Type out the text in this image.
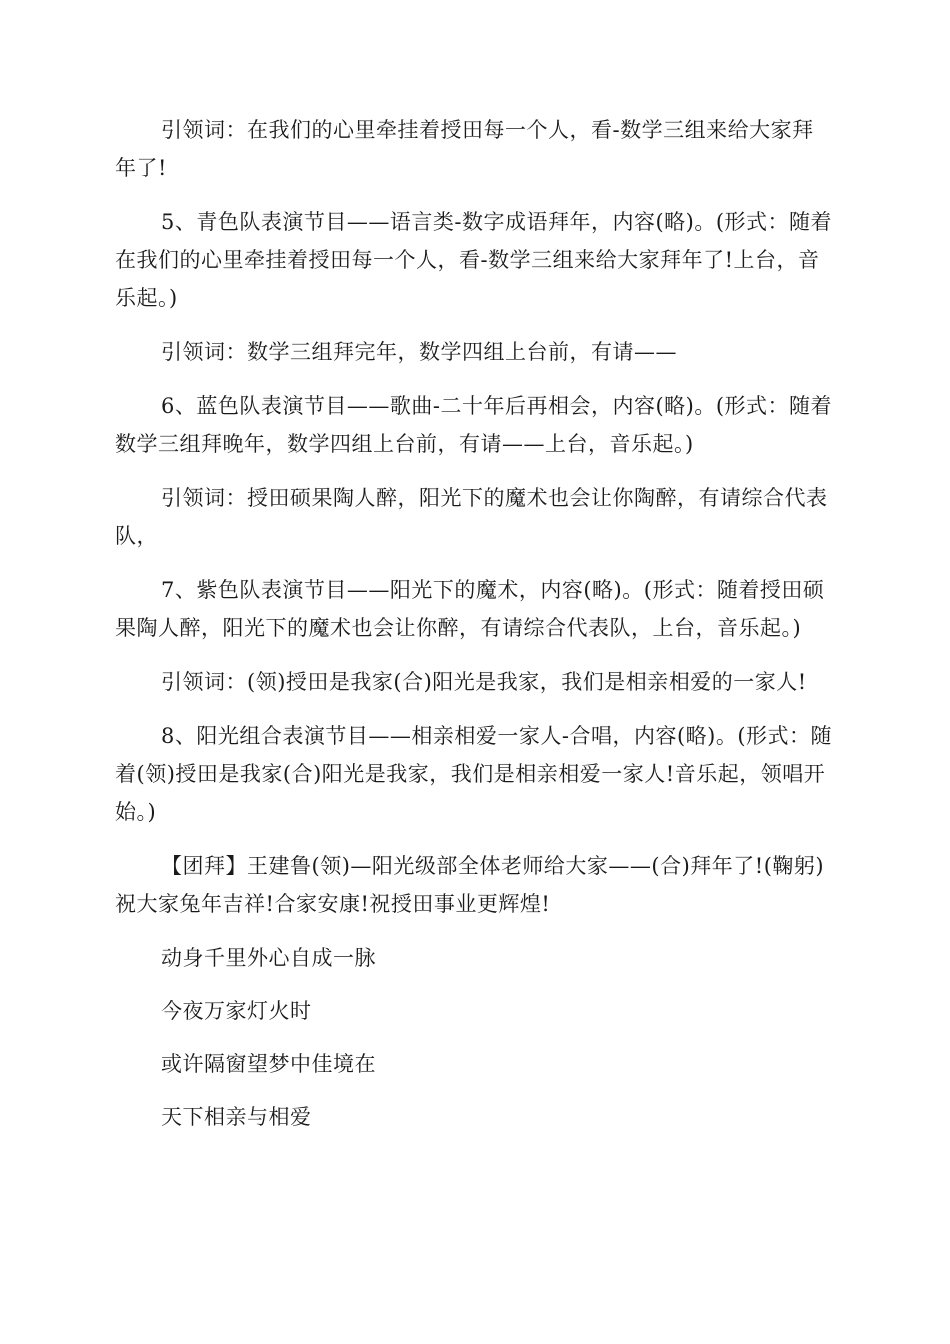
引领词：在我们的心里牵挂着授田每一个人，看-数学三组来给大家拜年了!

5、青色队表演节目——语言类-数字成语拜年，内容(略)。(形式：随着在我们的心里牵挂着授田每一个人，看-数学三组来给大家拜年了!上台，音乐起。)

引领词：数学三组拜完年，数学四组上台前，有请——

6、蓝色队表演节目——歌曲-二十年后再相会，内容(略)。(形式：随着数学三组拜晚年，数学四组上台前，有请——上台，音乐起。)

引领词：授田硕果陶人醉，阳光下的魔术也会让你陶醉，有请综合代表队，

7、紫色队表演节目——阳光下的魔术，内容(略)。(形式：随着授田硕果陶人醉，阳光下的魔术也会让你醉，有请综合代表队，上台，音乐起。)

引领词：(领)授田是我家(合)阳光是我家，我们是相亲相爱的一家人!

8、阳光组合表演节目——相亲相爱一家人-合唱，内容(略)。(形式：随着(领)授田是我家(合)阳光是我家，我们是相亲相爱一家人!音乐起，领唱开始。)

【团拜】王建鲁(领)—阳光级部全体老师给大家——(合)拜年了!(鞠躬)祝大家兔年吉祥!合家安康!祝授田事业更辉煌!

动身千里外心自成一脉

今夜万家灯火时

或许隔窗望梦中佳境在

天下相亲与相爱
